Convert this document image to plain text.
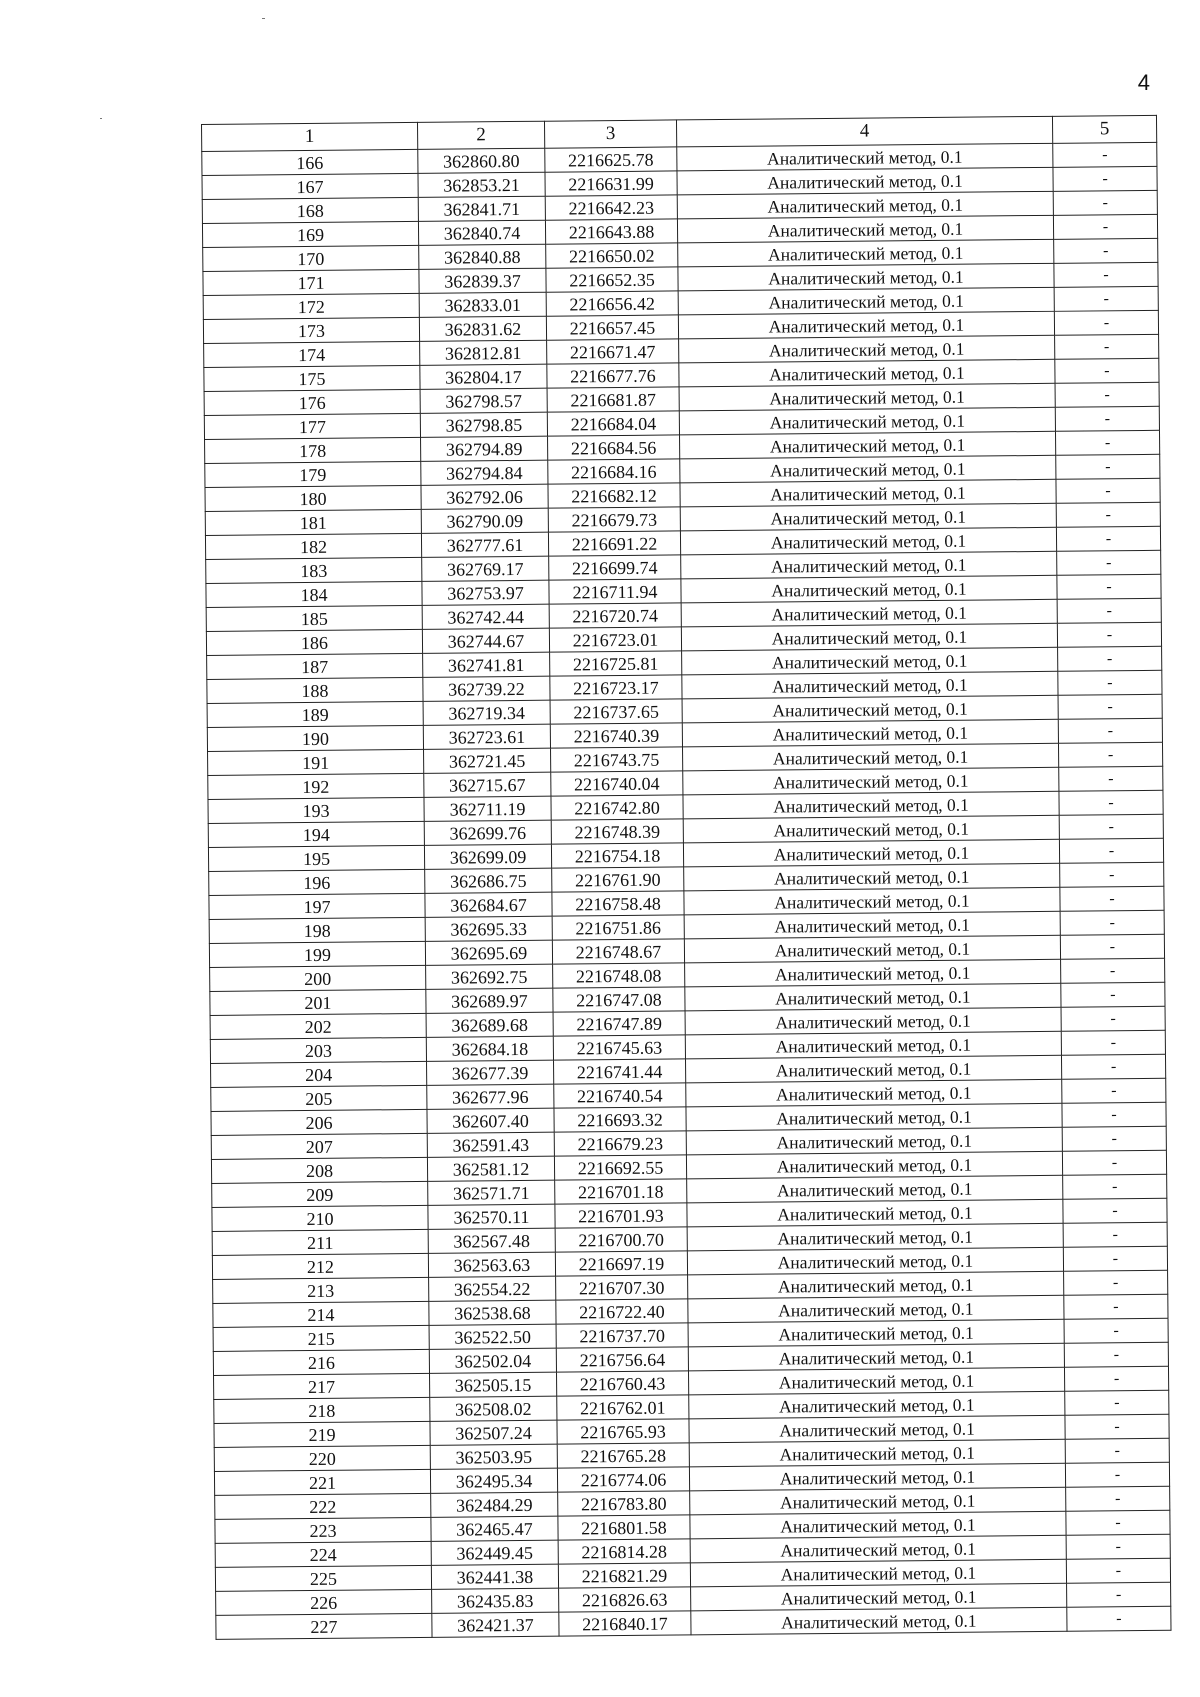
4
1	2	3	4	5
166	362860.80	2216625.78	Аналитический метод, 0.1	-
167	362853.21	2216631.99	Аналитический метод, 0.1	-
168	362841.71	2216642.23	Аналитический метод, 0.1	-
169	362840.74	2216643.88	Аналитический метод, 0.1	-
170	362840.88	2216650.02	Аналитический метод, 0.1	-
171	362839.37	2216652.35	Аналитический метод, 0.1	-
172	362833.01	2216656.42	Аналитический метод, 0.1	-
173	362831.62	2216657.45	Аналитический метод, 0.1	-
174	362812.81	2216671.47	Аналитический метод, 0.1	-
175	362804.17	2216677.76	Аналитический метод, 0.1	-
176	362798.57	2216681.87	Аналитический метод, 0.1	-
177	362798.85	2216684.04	Аналитический метод, 0.1	-
178	362794.89	2216684.56	Аналитический метод, 0.1	-
179	362794.84	2216684.16	Аналитический метод, 0.1	-
180	362792.06	2216682.12	Аналитический метод, 0.1	-
181	362790.09	2216679.73	Аналитический метод, 0.1	-
182	362777.61	2216691.22	Аналитический метод, 0.1	-
183	362769.17	2216699.74	Аналитический метод, 0.1	-
184	362753.97	2216711.94	Аналитический метод, 0.1	-
185	362742.44	2216720.74	Аналитический метод, 0.1	-
186	362744.67	2216723.01	Аналитический метод, 0.1	-
187	362741.81	2216725.81	Аналитический метод, 0.1	-
188	362739.22	2216723.17	Аналитический метод, 0.1	-
189	362719.34	2216737.65	Аналитический метод, 0.1	-
190	362723.61	2216740.39	Аналитический метод, 0.1	-
191	362721.45	2216743.75	Аналитический метод, 0.1	-
192	362715.67	2216740.04	Аналитический метод, 0.1	-
193	362711.19	2216742.80	Аналитический метод, 0.1	-
194	362699.76	2216748.39	Аналитический метод, 0.1	-
195	362699.09	2216754.18	Аналитический метод, 0.1	-
196	362686.75	2216761.90	Аналитический метод, 0.1	-
197	362684.67	2216758.48	Аналитический метод, 0.1	-
198	362695.33	2216751.86	Аналитический метод, 0.1	-
199	362695.69	2216748.67	Аналитический метод, 0.1	-
200	362692.75	2216748.08	Аналитический метод, 0.1	-
201	362689.97	2216747.08	Аналитический метод, 0.1	-
202	362689.68	2216747.89	Аналитический метод, 0.1	-
203	362684.18	2216745.63	Аналитический метод, 0.1	-
204	362677.39	2216741.44	Аналитический метод, 0.1	-
205	362677.96	2216740.54	Аналитический метод, 0.1	-
206	362607.40	2216693.32	Аналитический метод, 0.1	-
207	362591.43	2216679.23	Аналитический метод, 0.1	-
208	362581.12	2216692.55	Аналитический метод, 0.1	-
209	362571.71	2216701.18	Аналитический метод, 0.1	-
210	362570.11	2216701.93	Аналитический метод, 0.1	-
211	362567.48	2216700.70	Аналитический метод, 0.1	-
212	362563.63	2216697.19	Аналитический метод, 0.1	-
213	362554.22	2216707.30	Аналитический метод, 0.1	-
214	362538.68	2216722.40	Аналитический метод, 0.1	-
215	362522.50	2216737.70	Аналитический метод, 0.1	-
216	362502.04	2216756.64	Аналитический метод, 0.1	-
217	362505.15	2216760.43	Аналитический метод, 0.1	-
218	362508.02	2216762.01	Аналитический метод, 0.1	-
219	362507.24	2216765.93	Аналитический метод, 0.1	-
220	362503.95	2216765.28	Аналитический метод, 0.1	-
221	362495.34	2216774.06	Аналитический метод, 0.1	-
222	362484.29	2216783.80	Аналитический метод, 0.1	-
223	362465.47	2216801.58	Аналитический метод, 0.1	-
224	362449.45	2216814.28	Аналитический метод, 0.1	-
225	362441.38	2216821.29	Аналитический метод, 0.1	-
226	362435.83	2216826.63	Аналитический метод, 0.1	-
227	362421.37	2216840.17	Аналитический метод, 0.1	-
